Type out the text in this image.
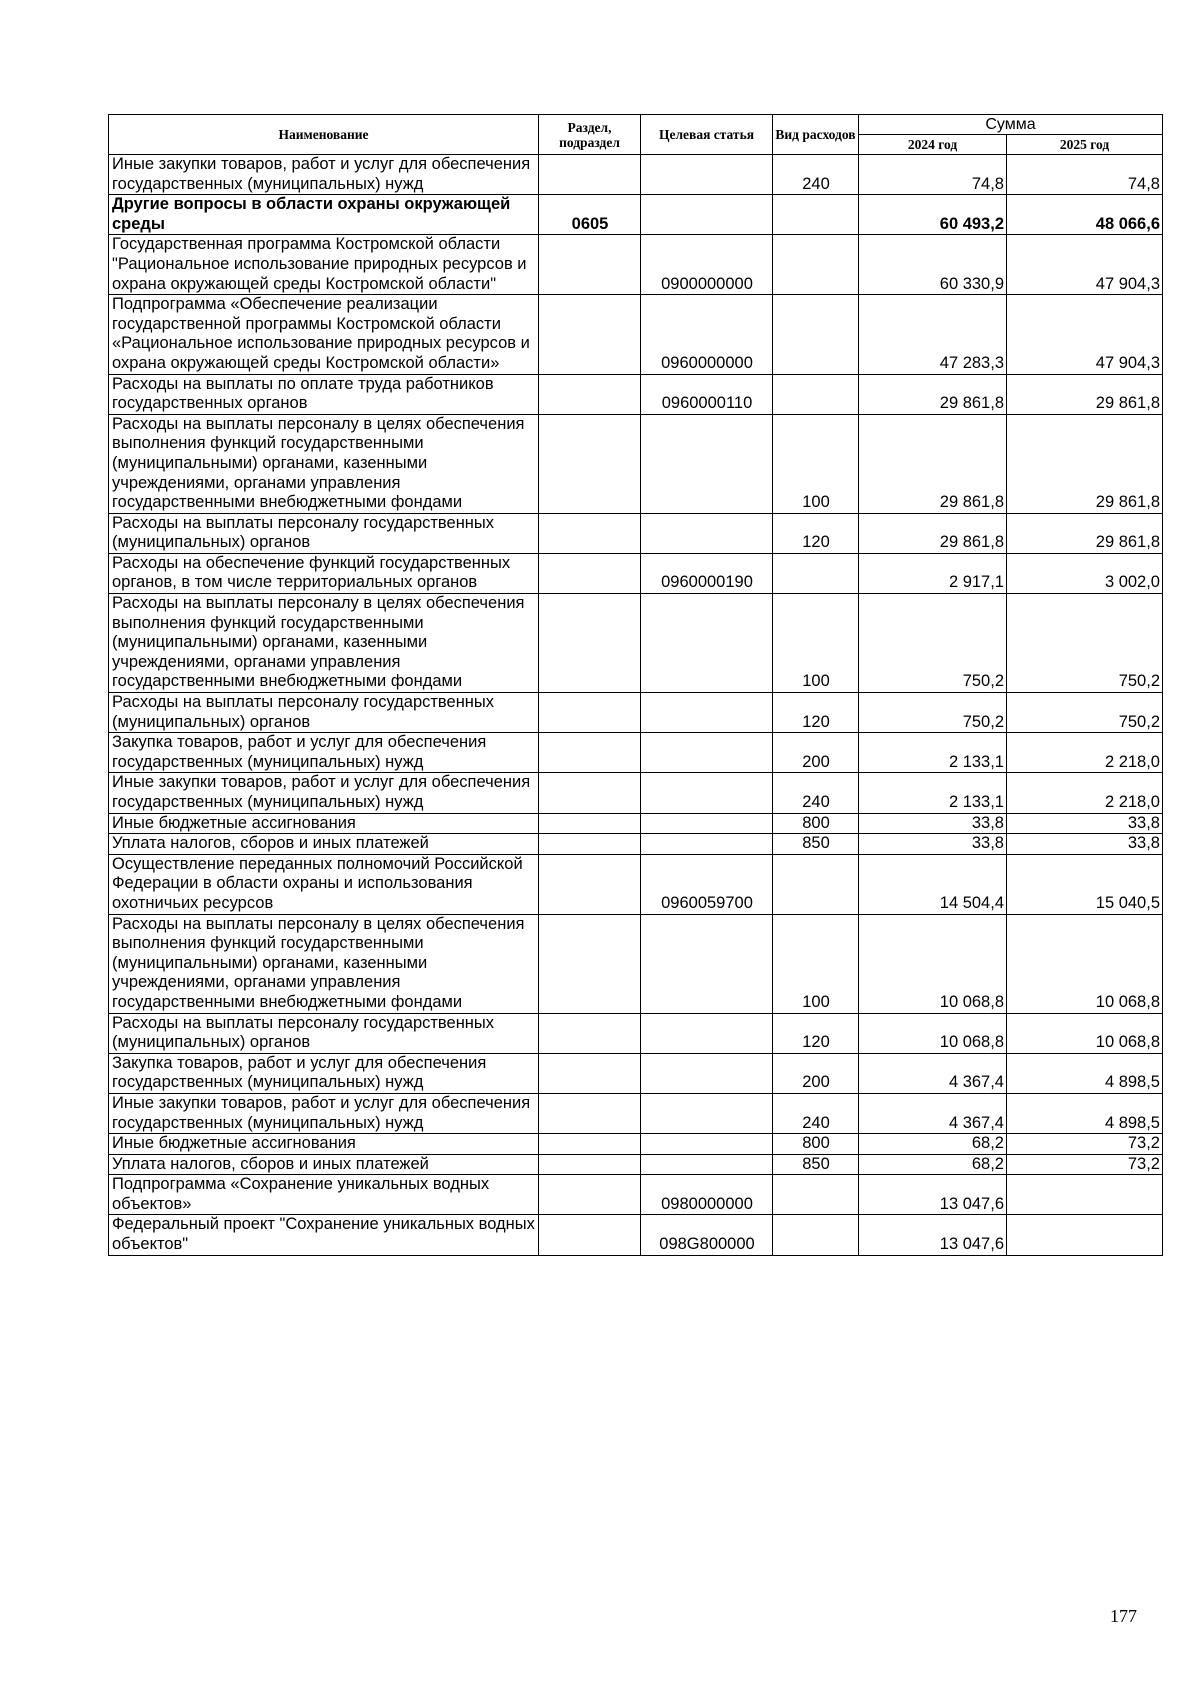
Наименование	Раздел, подраздел	Целевая статья	Вид расходов	Сумма	
				2024 год	2025 год
Иные закупки товаров, работ и услуг для обеспечения государственных (муниципальных) нужд			240	74,8	74,8
Другие вопросы в области охраны окружающей среды	0605			60 493,2	48 066,6
Государственная программа Костромской области "Рациональное использование природных ресурсов и охрана окружающей среды Костромской области"		0900000000		60 330,9	47 904,3
Подпрограмма «Обеспечение реализации государственной программы Костромской области «Рациональное использование природных ресурсов и охрана окружающей среды Костромской области»		0960000000		47 283,3	47 904,3
Расходы на выплаты по оплате труда работников государственных органов		0960000110		29 861,8	29 861,8
Расходы на выплаты персоналу в целях обеспечения выполнения функций государственными (муниципальными) органами, казенными учреждениями, органами управления государственными внебюджетными фондами			100	29 861,8	29 861,8
Расходы на выплаты персоналу государственных (муниципальных) органов			120	29 861,8	29 861,8
Расходы на обеспечение функций государственных органов, в том числе территориальных органов		0960000190		2 917,1	3 002,0
Расходы на выплаты персоналу в целях обеспечения выполнения функций государственными (муниципальными) органами, казенными учреждениями, органами управления государственными внебюджетными фондами			100	750,2	750,2
Расходы на выплаты персоналу государственных (муниципальных) органов			120	750,2	750,2
Закупка товаров, работ и услуг для обеспечения государственных (муниципальных) нужд			200	2 133,1	2 218,0
Иные закупки товаров, работ и услуг для обеспечения государственных (муниципальных) нужд			240	2 133,1	2 218,0
Иные бюджетные ассигнования			800	33,8	33,8
Уплата налогов, сборов и иных платежей			850	33,8	33,8
Осуществление переданных полномочий Российской Федерации в области охраны и использования охотничьих ресурсов		0960059700		14 504,4	15 040,5
Расходы на выплаты персоналу в целях обеспечения выполнения функций государственными (муниципальными) органами, казенными учреждениями, органами управления государственными внебюджетными фондами			100	10 068,8	10 068,8
Расходы на выплаты персоналу государственных (муниципальных) органов			120	10 068,8	10 068,8
Закупка товаров, работ и услуг для обеспечения государственных (муниципальных) нужд			200	4 367,4	4 898,5
Иные закупки товаров, работ и услуг для обеспечения государственных (муниципальных) нужд			240	4 367,4	4 898,5
Иные бюджетные ассигнования			800	68,2	73,2
Уплата налогов, сборов и иных платежей			850	68,2	73,2
Подпрограмма «Сохранение уникальных водных объектов»		0980000000		13 047,6	
Федеральный проект "Сохранение уникальных водных объектов"		098G800000		13 047,6	
177
